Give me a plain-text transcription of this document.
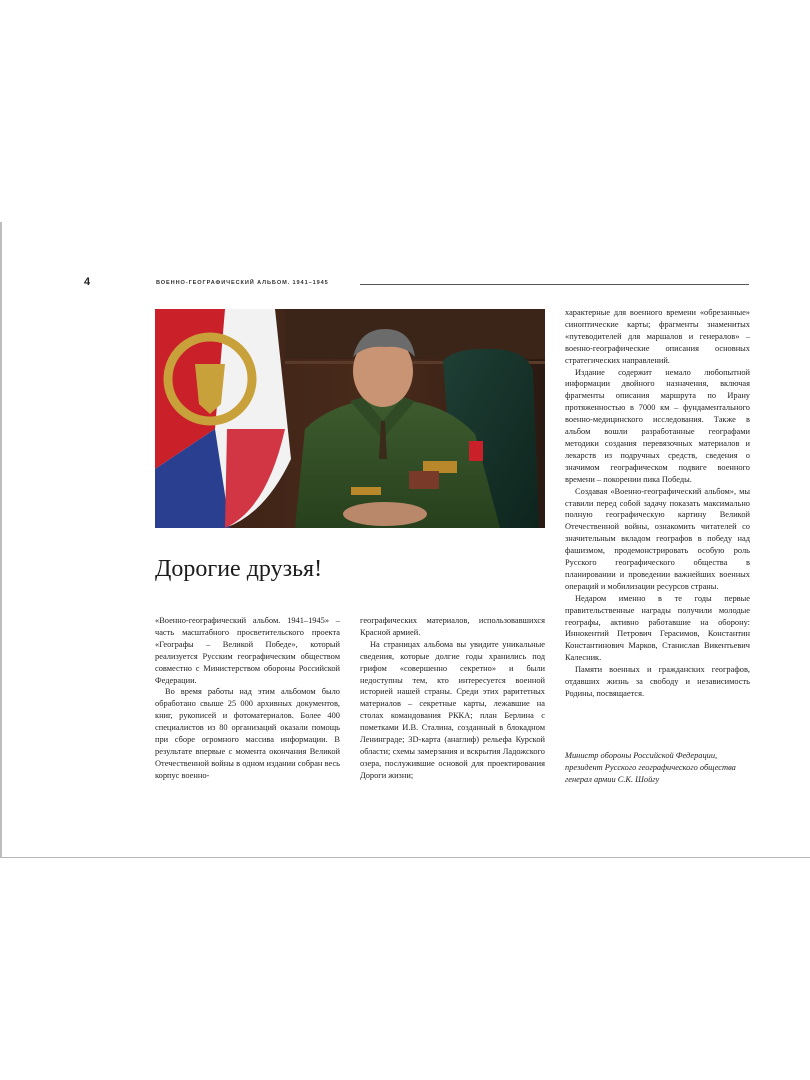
4	ВОЕННО-ГЕОГРАФИЧЕСКИЙ АЛЬБОМ. 1941–1945
Дорогие друзья!

«Военно-географический альбом. 1941–1945» – часть масштабного просветительского проекта «Географы – Великой Победе», который реализуется Русским географическим обществом совместно с Министерством обороны Российской Федерации.

Во время работы над этим альбомом было обработано свыше 25 000 архивных документов, книг, рукописей и фотоматериалов. Более 400 специалистов из 80 организаций оказали помощь при сборе огромного массива информации. В результате впервые с момента окончания Великой Отечественной войны в одном издании собран весь корпус военно-

географических материалов, использовавшихся Красной армией.

На страницах альбома вы увидите уникальные сведения, которые долгие годы хранились под грифом «совершенно секретно» и были недоступны тем, кто интересуется военной историей нашей страны. Среди этих раритетных материалов – секретные карты, лежавшие на столах командования РККА; план Берлина с пометками И.В. Сталина, созданный в блокадном Ленинграде; 3D-карта (анаглиф) рельефа Курской области; схемы замерзания и вскрытия Ладожского озера, послужившие основой для проектирования Дороги жизни;

характерные для военного времени «обрезанные» синоптические карты; фрагменты знаменитых «путеводителей для маршалов и генералов» – военно-географические описания основных стратегических направлений.

Издание содержит немало любопытной информации двойного назначения, включая фрагменты описания маршрута по Ирану протяженностью в 7000 км – фундаментального военно-медицинского исследования. Также в альбом вошли разработанные географами методики создания перевязочных материалов и лекарств из подручных средств, сведения о значимом географическом подвиге военного времени – покорении пика Победы.

Создавая «Военно-географический альбом», мы ставили перед собой задачу показать максимально полную географическую картину Великой Отечественной войны, ознакомить читателей со значительным вкладом географов в победу над фашизмом, продемонстрировать особую роль Русского географического общества в планировании и проведении важнейших военных операций и мобилизации ресурсов страны.

Недаром именно в те годы первые правительственные награды получили молодые географы, активно работавшие на оборону: Иннокентий Петрович Герасимов, Константин Константинович Марков, Станислав Викентьевич Калесник.

Памяти военных и гражданских географов, отдавших жизнь за свободу и независимость Родины, посвящается.

Министр обороны Российской Федерации,
президент Русского географического общества
генерал армии С.К. Шойгу
